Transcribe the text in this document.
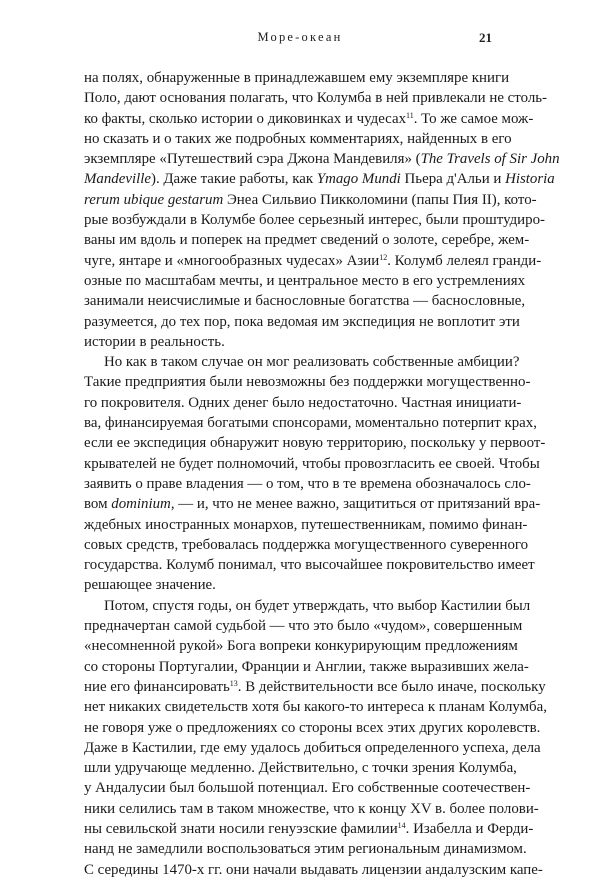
Море-океан	21
на полях, обнаруженные в принадлежавшем ему экземпляре книги
Поло, дают основания полагать, что Колумба в ней привлекали не столь-
ко факты, сколько истории о диковинках и чудесах$^{11}$. То же самое мож-
но сказать и о таких же подробных комментариях, найденных в его
экземпляре «Путешествий сэра Джона Мандевиля» (The Travels of Sir John
Mandeville). Даже такие работы, как Ymago Mundi Пьера д'Альи и Historia
rerum ubique gestarum Энеа Сильвио Пикколомини (папы Пия II), кото-
рые возбуждали в Колумбе более серьезный интерес, были проштудиро-
ваны им вдоль и поперек на предмет сведений о золоте, серебре, жем-
чуге, янтаре и «многообразных чудесах» Азии$^{12}$. Колумб лелеял гранди-
озные по масштабам мечты, и центральное место в его устремлениях
занимали неисчислимые и баснословные богатства — баснословные,
разумеется, до тех пор, пока ведомая им экспедиция не воплотит эти
истории в реальность.
Но как в таком случае он мог реализовать собственные амбиции?
Такие предприятия были невозможны без поддержки могущественно-
го покровителя. Одних денег было недостаточно. Частная инициати-
ва, финансируемая богатыми спонсорами, моментально потерпит крах,
если ее экспедиция обнаружит новую территорию, поскольку у первоот-
крывателей не будет полномочий, чтобы провозгласить ее своей. Чтобы
заявить о праве владения — о том, что в те времена обозначалось сло-
вом dominium, — и, что не менее важно, защититься от притязаний вра-
ждебных иностранных монархов, путешественникам, помимо финан-
совых средств, требовалась поддержка могущественного суверенного
государства. Колумб понимал, что высочайшее покровительство имеет
решающее значение.
Потом, спустя годы, он будет утверждать, что выбор Кастилии был
предначертан самой судьбой — что это было «чудом», совершенным
«несомненной рукой» Бога вопреки конкурирующим предложениям
со стороны Португалии, Франции и Англии, также выразивших жела-
ние его финансировать$^{13}$. В действительности все было иначе, поскольку
нет никаких свидетельств хотя бы какого-то интереса к планам Колумба,
не говоря уже о предложениях со стороны всех этих других королевств.
Даже в Кастилии, где ему удалось добиться определенного успеха, дела
шли удручающе медленно. Действительно, с точки зрения Колумба,
у Андалусии был большой потенциал. Его собственные соотечествен-
ники селились там в таком множестве, что к концу XV в. более полови-
ны севильской знати носили генуэзские фамилии$^{14}$. Изабелла и Ферди-
нанд не замедлили воспользоваться этим региональным динамизмом.
С середины 1470-х гг. они начали выдавать лицензии андалузским капе-
